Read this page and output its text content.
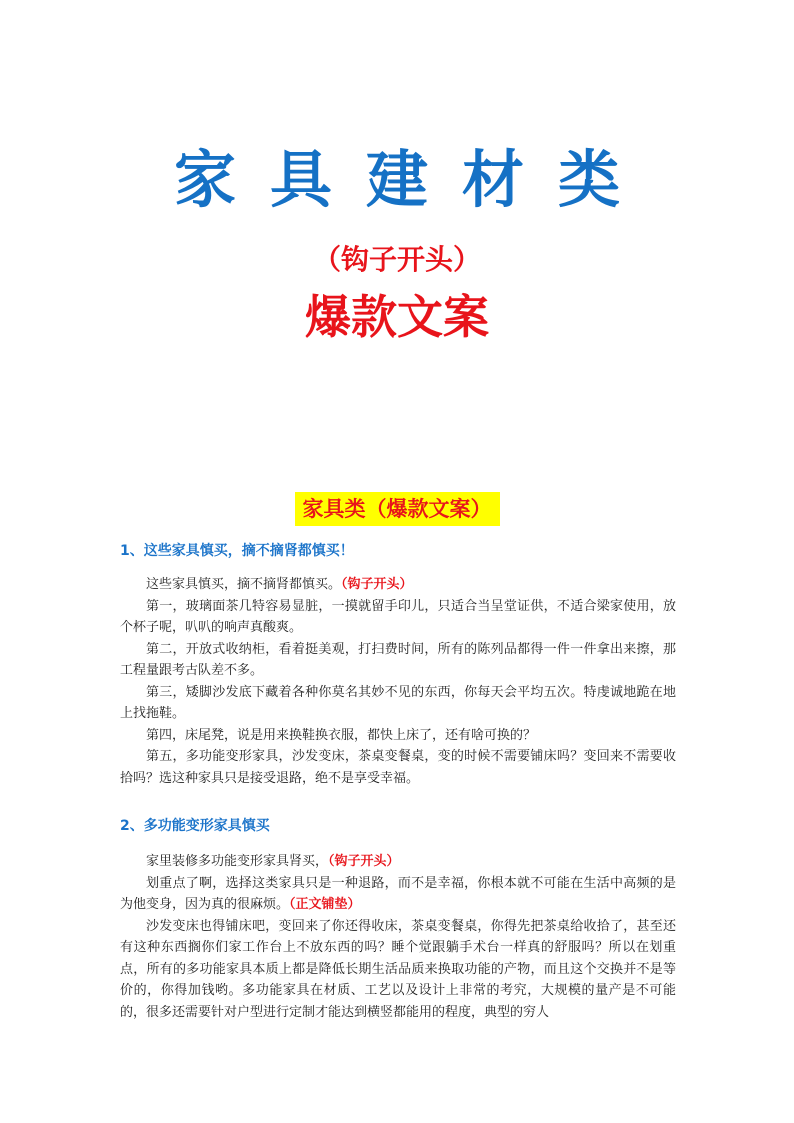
家具建材类
（钩子开头）
爆款文案
家具类（爆款文案）
1、这些家具慎买，摘不摘肾都慎买！

这些家具慎买，摘不摘肾都慎买。（钩子开头）

第一，玻璃面茶几特容易显脏，一摸就留手印儿，只适合当呈堂证供，不适合梁家使用，放个杯子呢，叭叭的响声真酸爽。

第二，开放式收纳柜，看着挺美观，打扫费时间，所有的陈列品都得一件一件拿出来擦，那工程量跟考古队差不多。

第三，矮脚沙发底下藏着各种你莫名其妙不见的东西，你每天会平均五次。特虔诚地跪在地上找拖鞋。

第四，床尾凳，说是用来换鞋换衣服，都快上床了，还有啥可换的？

第五，多功能变形家具，沙发变床，茶桌变餐桌，变的时候不需要铺床吗？变回来不需要收拾吗？选这种家具只是接受退路，绝不是享受幸福。

2、多功能变形家具慎买

家里装修多功能变形家具肾买，（钩子开头）

划重点了啊，选择这类家具只是一种退路，而不是幸福，你根本就不可能在生活中高频的是为他变身，因为真的很麻烦。（正文铺垫）

沙发变床也得铺床吧，变回来了你还得收床，茶桌变餐桌，你得先把茶桌给收拾了，甚至还有这种东西搁你们家工作台上不放东西的吗？睡个觉跟躺手术台一样真的舒服吗？所以在划重点，所有的多功能家具本质上都是降低长期生活品质来换取功能的产物，而且这个交换并不是等价的，你得加钱哟。多功能家具在材质、工艺以及设计上非常的考究，大规模的量产是不可能的，很多还需要针对户型进行定制才能达到横竖都能用的程度，典型的穷人
